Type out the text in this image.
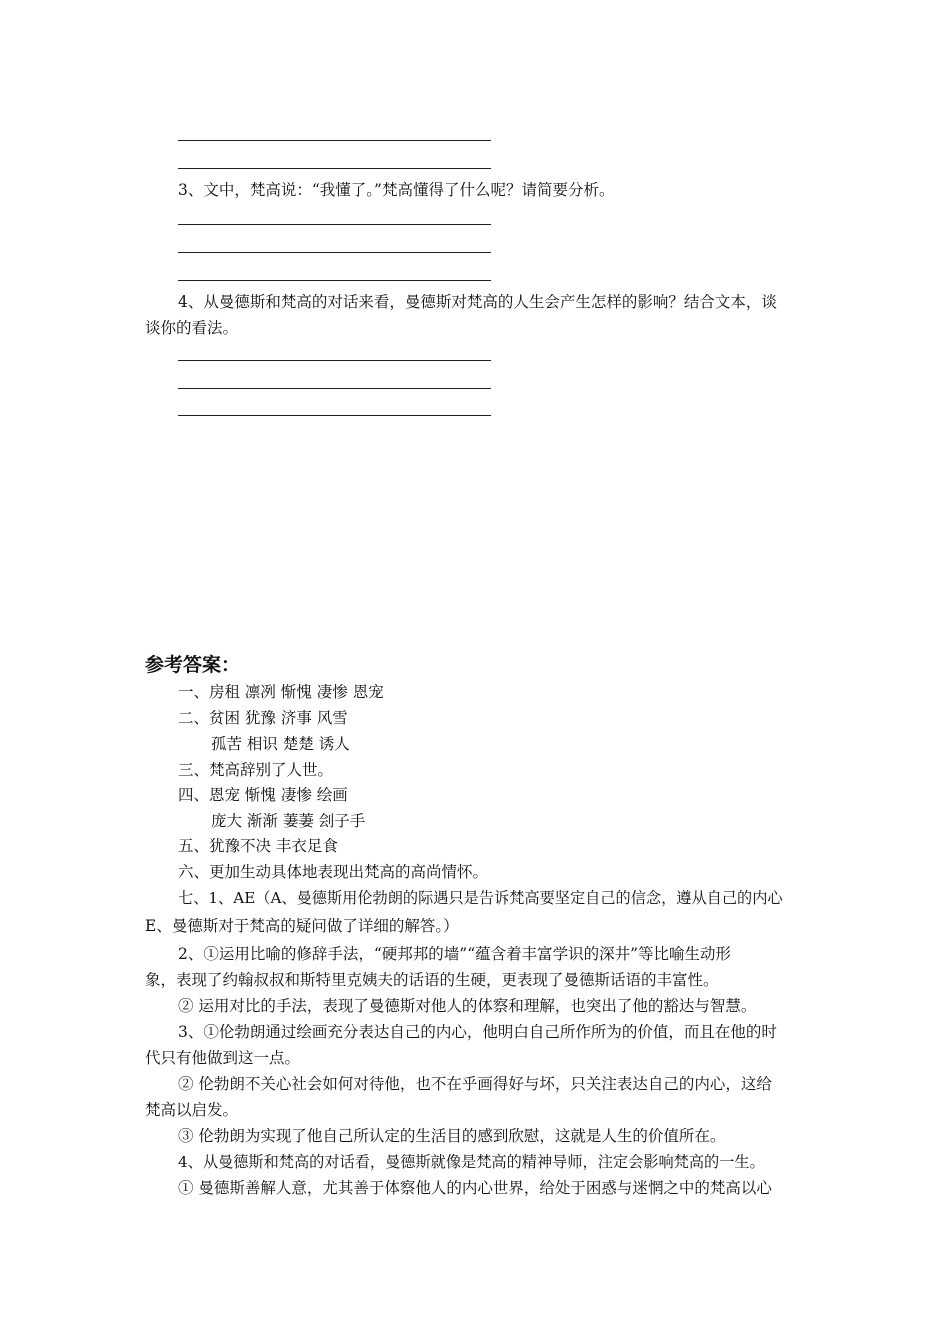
3、文中，梵高说：“我懂了。”梵高懂得了什么呢？请简要分析。
4、从曼德斯和梵高的对话来看，曼德斯对梵高的人生会产生怎样的影响？结合文本，谈
谈你的看法。
参考答案：
一、房租 凛冽 惭愧 凄惨 恩宠
二、贫困 犹豫 济事 风雪
孤苦 相识 楚楚 诱人
三、梵高辞别了人世。
四、恩宠 惭愧 凄惨 绘画
庞大 渐渐 萋萋 刽子手
五、犹豫不决 丰衣足食
六、更加生动具体地表现出梵高的高尚情怀。
七、1、AE（A、曼德斯用伦勃朗的际遇只是告诉梵高要坚定自己的信念，遵从自己的内心
E、曼德斯对于梵高的疑问做了详细的解答。）
2、①运用比喻的修辞手法，“硬邦邦的墙”“蕴含着丰富学识的深井”等比喻生动形
象，表现了约翰叔叔和斯特里克姨夫的话语的生硬，更表现了曼德斯话语的丰富性。
② 运用对比的手法，表现了曼德斯对他人的体察和理解，也突出了他的豁达与智慧。
3、①伦勃朗通过绘画充分表达自己的内心，他明白自己所作所为的价值，而且在他的时
代只有他做到这一点。
② 伦勃朗不关心社会如何对待他，也不在乎画得好与坏，只关注表达自己的内心，这给
梵高以启发。
③ 伦勃朗为实现了他自己所认定的生活目的感到欣慰，这就是人生的价值所在。
4、从曼德斯和梵高的对话看，曼德斯就像是梵高的精神导师，注定会影响梵高的一生。
① 曼德斯善解人意，尤其善于体察他人的内心世界，给处于困惑与迷惘之中的梵高以心
